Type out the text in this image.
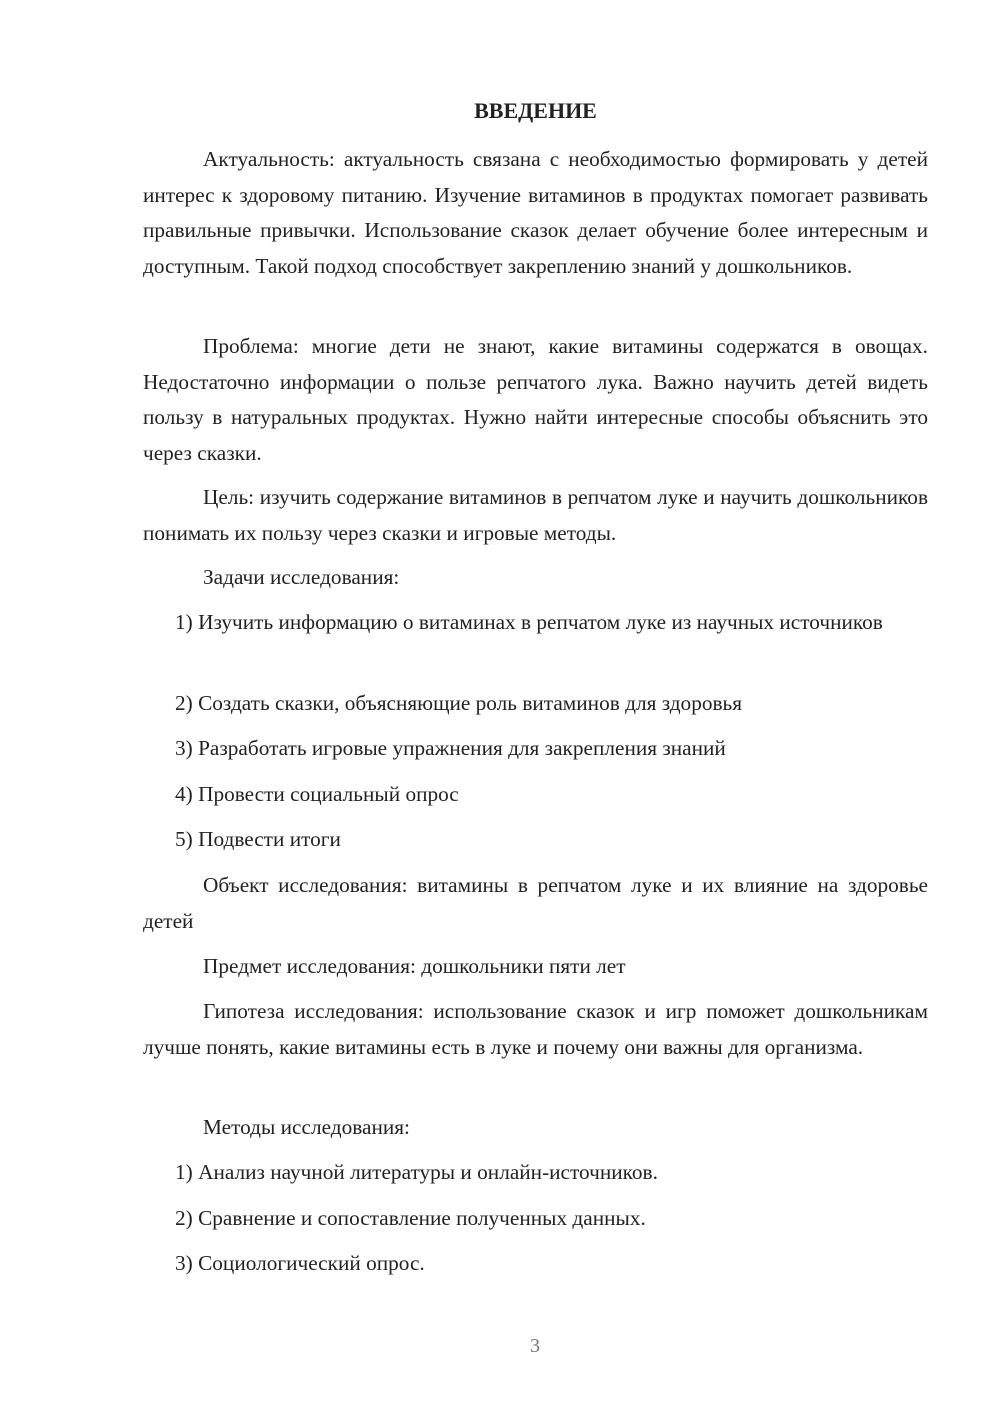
ВВЕДЕНИЕ

Актуальность: актуальность связана с необходимостью формировать у детей интерес к здоровому питанию. Изучение витаминов в продуктах помогает развивать правильные привычки. Использование сказок делает обучение более интересным и доступным. Такой подход способствует закреплению знаний у дошкольников.

Проблема: многие дети не знают, какие витамины содержатся в овощах. Недостаточно информации о пользе репчатого лука. Важно научить детей видеть пользу в натуральных продуктах. Нужно найти интересные способы объяснить это через сказки.

Цель: изучить содержание витаминов в репчатом луке и научить дошкольников понимать их пользу через сказки и игровые методы.

Задачи исследования:

1) Изучить информацию о витаминах в репчатом луке из научных источников

2) Создать сказки, объясняющие роль витаминов для здоровья

3) Разработать игровые упражнения для закрепления знаний

4) Провести социальный опрос

5) Подвести итоги

Объект исследования: витамины в репчатом луке и их влияние на здоровье детей

Предмет исследования: дошкольники пяти лет

Гипотеза исследования: использование сказок и игр поможет дошкольникам лучше понять, какие витамины есть в луке и почему они важны для организма.

Методы исследования:

1) Анализ научной литературы и онлайн-источников.

2) Сравнение и сопоставление полученных данных.

3) Социологический опрос.

3
